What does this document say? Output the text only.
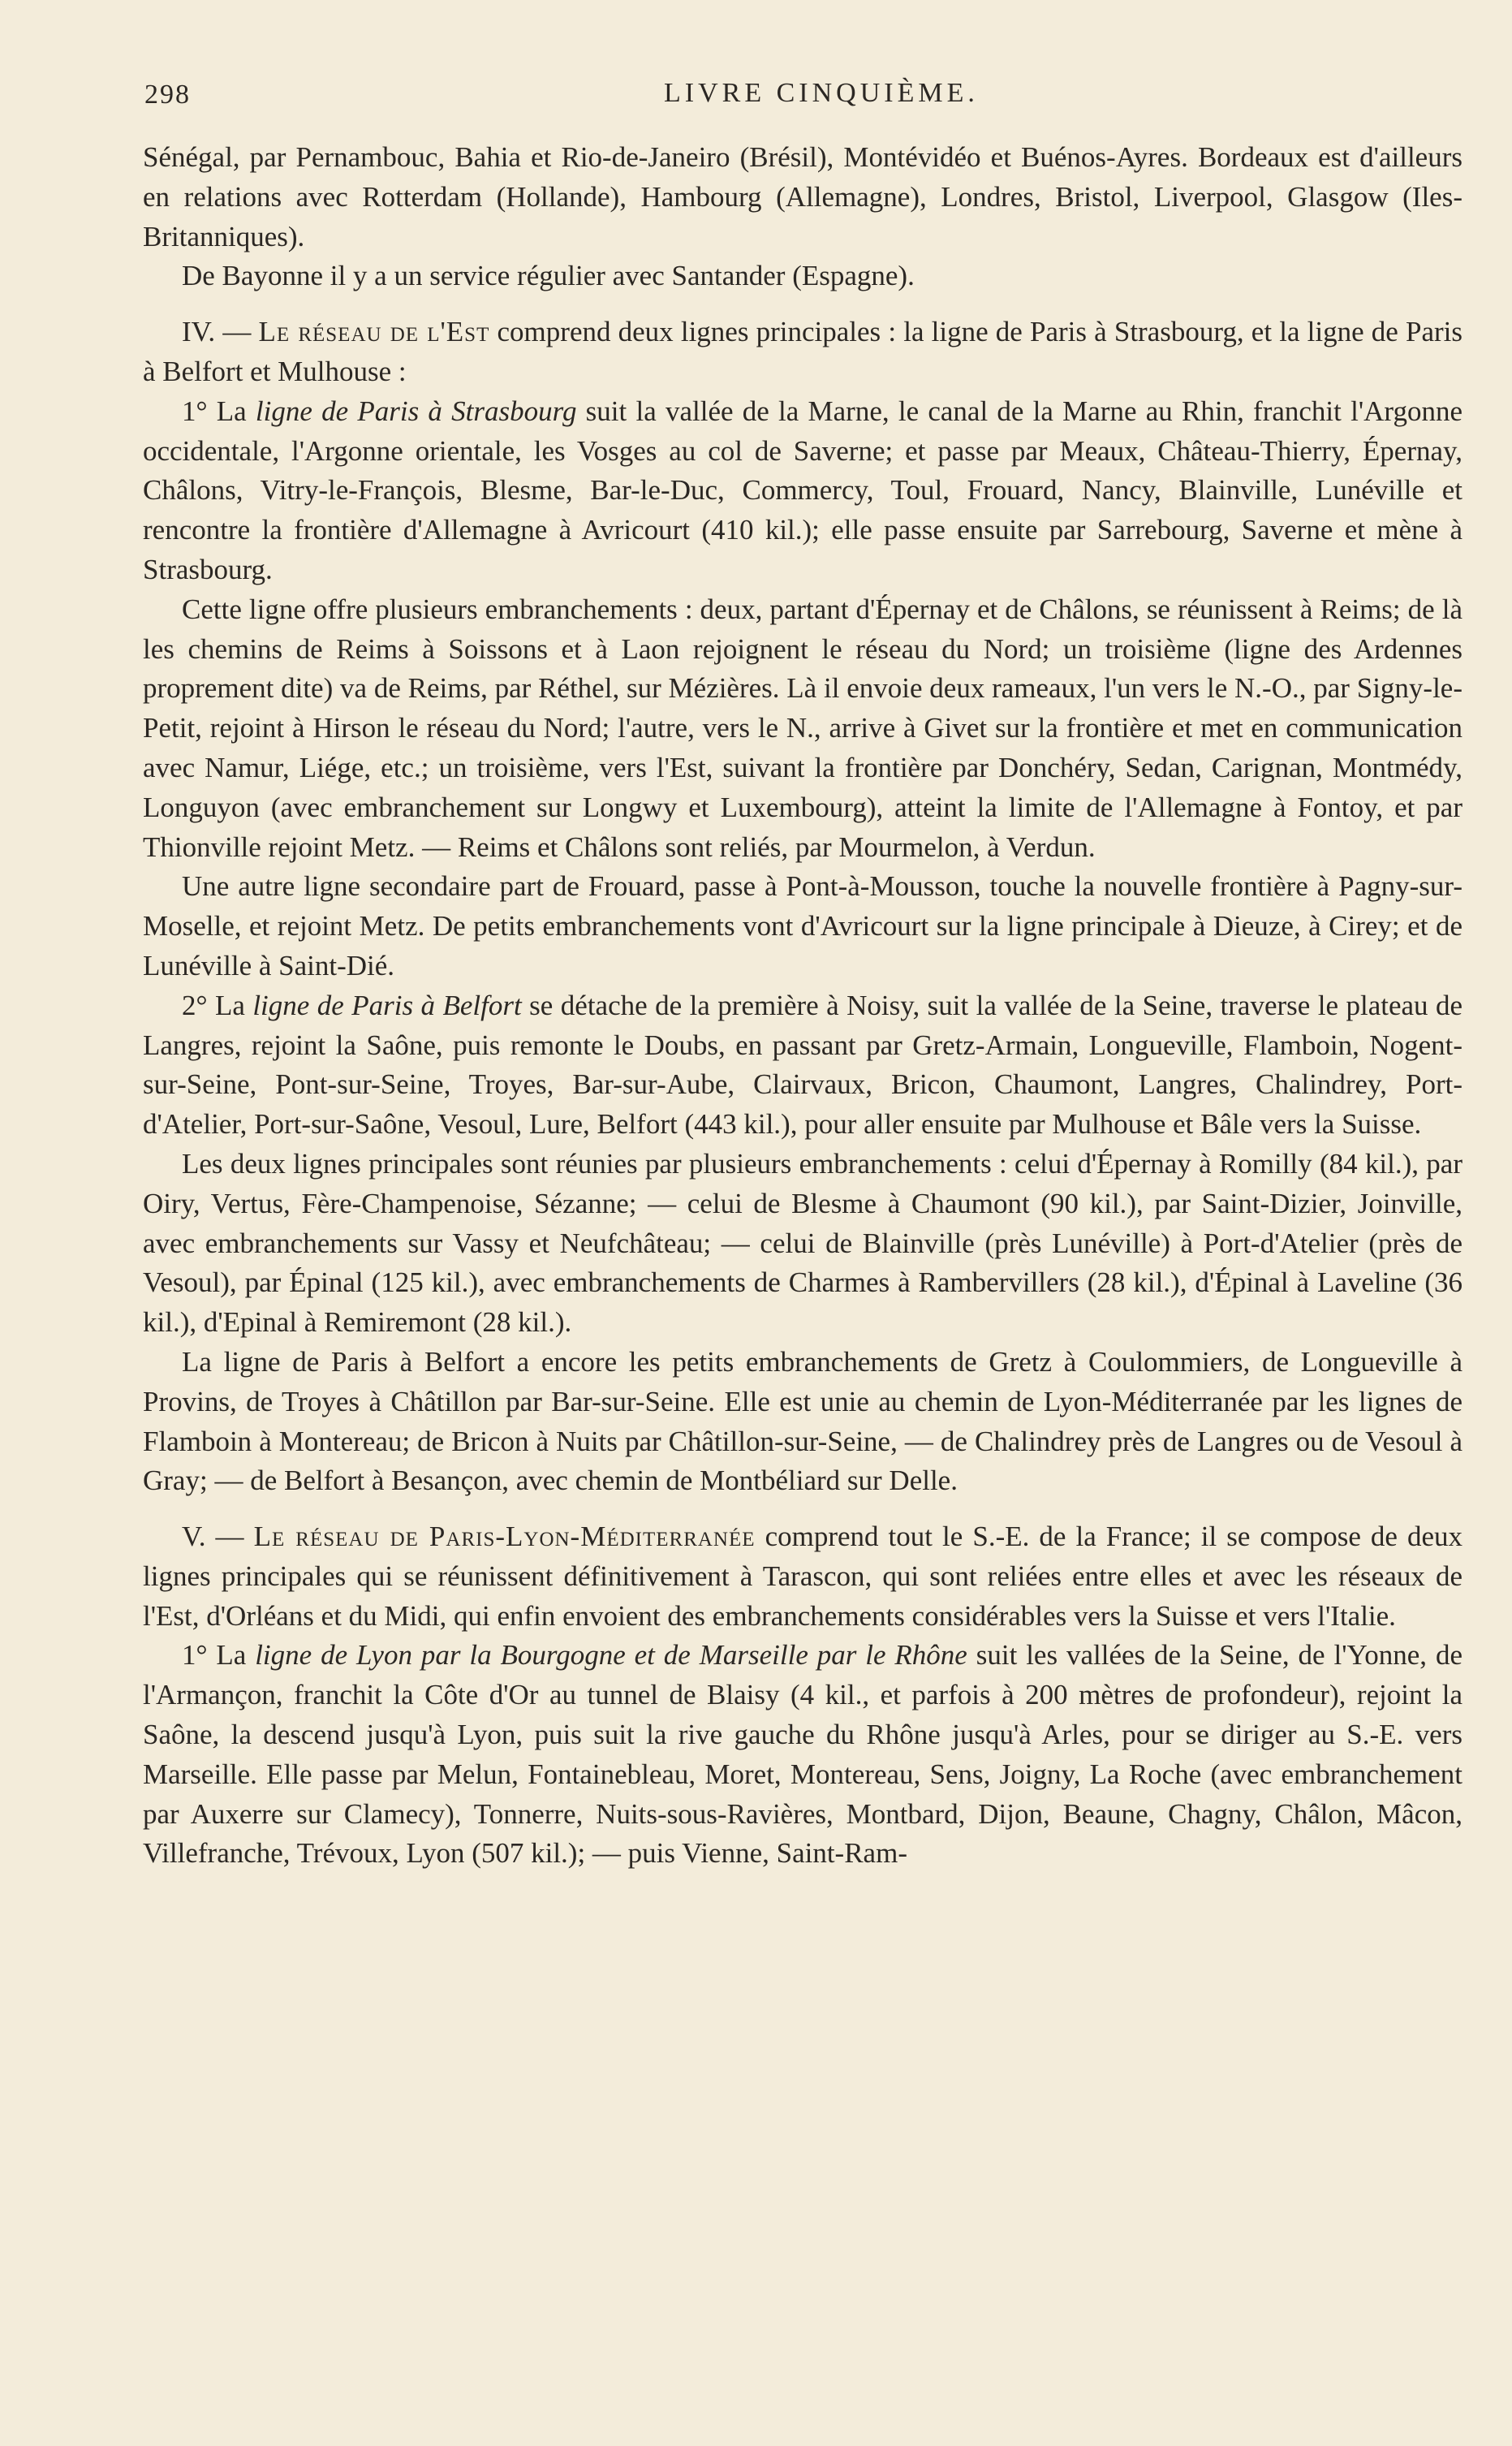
298	LIVRE CINQUIÈME.

Sénégal, par Pernambouc, Bahia et Rio-de-Janeiro (Brésil), Montévidéo et Buénos-Ayres. Bordeaux est d'ailleurs en relations avec Rotterdam (Hollande), Hambourg (Allemagne), Londres, Bristol, Liverpool, Glasgow (Iles-Britanniques).

De Bayonne il y a un service régulier avec Santander (Espagne).

IV. — Le réseau de l'Est comprend deux lignes principales : la ligne de Paris à Strasbourg, et la ligne de Paris à Belfort et Mulhouse :

1° La ligne de Paris à Strasbourg suit la vallée de la Marne, le canal de la Marne au Rhin, franchit l'Argonne occidentale, l'Argonne orientale, les Vosges au col de Saverne; et passe par Meaux, Château-Thierry, Épernay, Châlons, Vitry-le-François, Blesme, Bar-le-Duc, Commercy, Toul, Frouard, Nancy, Blainville, Lunéville et rencontre la frontière d'Allemagne à Avricourt (410 kil.); elle passe ensuite par Sarrebourg, Saverne et mène à Strasbourg.

Cette ligne offre plusieurs embranchements : deux, partant d'Épernay et de Châlons, se réunissent à Reims; de là les chemins de Reims à Soissons et à Laon rejoignent le réseau du Nord; un troisième (ligne des Ardennes proprement dite) va de Reims, par Réthel, sur Mézières. Là il envoie deux rameaux, l'un vers le N.-O., par Signy-le-Petit, rejoint à Hirson le réseau du Nord; l'autre, vers le N., arrive à Givet sur la frontière et met en communication avec Namur, Liége, etc.; un troisième, vers l'Est, suivant la frontière par Donchéry, Sedan, Carignan, Montmédy, Longuyon (avec embranchement sur Longwy et Luxembourg), atteint la limite de l'Allemagne à Fontoy, et par Thionville rejoint Metz. — Reims et Châlons sont reliés, par Mourmelon, à Verdun.

Une autre ligne secondaire part de Frouard, passe à Pont-à-Mousson, touche la nouvelle frontière à Pagny-sur-Moselle, et rejoint Metz. De petits embranchements vont d'Avricourt sur la ligne principale à Dieuze, à Cirey; et de Lunéville à Saint-Dié.

2° La ligne de Paris à Belfort se détache de la première à Noisy, suit la vallée de la Seine, traverse le plateau de Langres, rejoint la Saône, puis remonte le Doubs, en passant par Gretz-Armain, Longueville, Flamboin, Nogent-sur-Seine, Pont-sur-Seine, Troyes, Bar-sur-Aube, Clairvaux, Bricon, Chaumont, Langres, Chalindrey, Port-d'Atelier, Port-sur-Saône, Vesoul, Lure, Belfort (443 kil.), pour aller ensuite par Mulhouse et Bâle vers la Suisse.

Les deux lignes principales sont réunies par plusieurs embranchements : celui d'Épernay à Romilly (84 kil.), par Oiry, Vertus, Fère-Champenoise, Sézanne; — celui de Blesme à Chaumont (90 kil.), par Saint-Dizier, Joinville, avec embranchements sur Vassy et Neufchâteau; — celui de Blainville (près Lunéville) à Port-d'Atelier (près de Vesoul), par Épinal (125 kil.), avec embranchements de Charmes à Rambervillers (28 kil.), d'Épinal à Laveline (36 kil.), d'Epinal à Remiremont (28 kil.).

La ligne de Paris à Belfort a encore les petits embranchements de Gretz à Coulommiers, de Longueville à Provins, de Troyes à Châtillon par Bar-sur-Seine. Elle est unie au chemin de Lyon-Méditerranée par les lignes de Flamboin à Montereau; de Bricon à Nuits par Châtillon-sur-Seine, — de Chalindrey près de Langres ou de Vesoul à Gray; — de Belfort à Besançon, avec chemin de Montbéliard sur Delle.

V. — Le réseau de Paris-Lyon-Méditerranée comprend tout le S.-E. de la France; il se compose de deux lignes principales qui se réunissent définitivement à Tarascon, qui sont reliées entre elles et avec les réseaux de l'Est, d'Orléans et du Midi, qui enfin envoient des embranchements considérables vers la Suisse et vers l'Italie.

1° La ligne de Lyon par la Bourgogne et de Marseille par le Rhône suit les vallées de la Seine, de l'Yonne, de l'Armançon, franchit la Côte d'Or au tunnel de Blaisy (4 kil., et parfois à 200 mètres de profondeur), rejoint la Saône, la descend jusqu'à Lyon, puis suit la rive gauche du Rhône jusqu'à Arles, pour se diriger au S.-E. vers Marseille. Elle passe par Melun, Fontainebleau, Moret, Montereau, Sens, Joigny, La Roche (avec embranchement par Auxerre sur Clamecy), Tonnerre, Nuits-sous-Ravières, Montbard, Dijon, Beaune, Chagny, Châlon, Mâcon, Villefranche, Trévoux, Lyon (507 kil.); — puis Vienne, Saint-Ram-
